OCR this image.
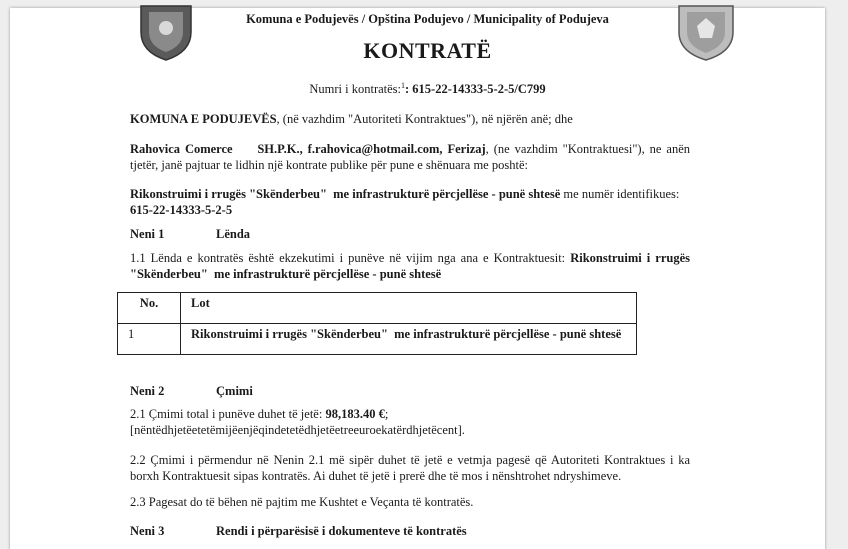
Komuna e Podujevës / Opština Podujevo / Municipality of Podujeva
KONTRATË
Numri i kontratës:$^1$: 615-22-14333-5-2-5/C799
KOMUNA E PODUJEVËS, (në vazhdim "Autoriteti Kontraktues"), në njërën anë; dhe
Rahovica Comerce     SH.P.K., f.rahovica@hotmail.com, Ferizaj, (ne vazhdim "Kontraktuesi"), ne anën tjetër, janë pajtuar te lidhin një kontrate publike për pune e shënuara me poshtë:
Rikonstruimi i rrugës "Skënderbeu"  me infrastrukturë përcjellëse - punë shtesë me numër identifikues:
615-22-14333-5-2-5
Neni 1	Lënda
1.1 Lënda e kontratës është ekzekutimi i punëve në vijim nga ana e Kontraktuesit: Rikonstruimi i rrugës "Skënderbeu"  me infrastrukturë përcjellëse - punë shtesë
No.	Lot
1	Rikonstruimi i rrugës "Skënderbeu"  me infrastrukturë përcjellëse - punë shtesë
Neni 2	Çmimi
2.1 Çmimi total i punëve duhet të jetë: 98,183.40 €;
[nëntëdhjetëetetëmijëenjëqindetetëdhjetëetreeuroekatërdhjetëcent].
2.2 Çmimi i përmendur në Nenin 2.1 më sipër duhet të jetë e vetmja pagesë që Autoriteti Kontraktues i ka borxh Kontraktuesit sipas kontratës. Ai duhet të jetë i prerë dhe të mos i nënshtrohet ndryshimeve.
2.3 Pagesat do të bëhen në pajtim me Kushtet e Veçanta të kontratës.
Neni 3	Rendi i përparësisë i dokumenteve të kontratës
